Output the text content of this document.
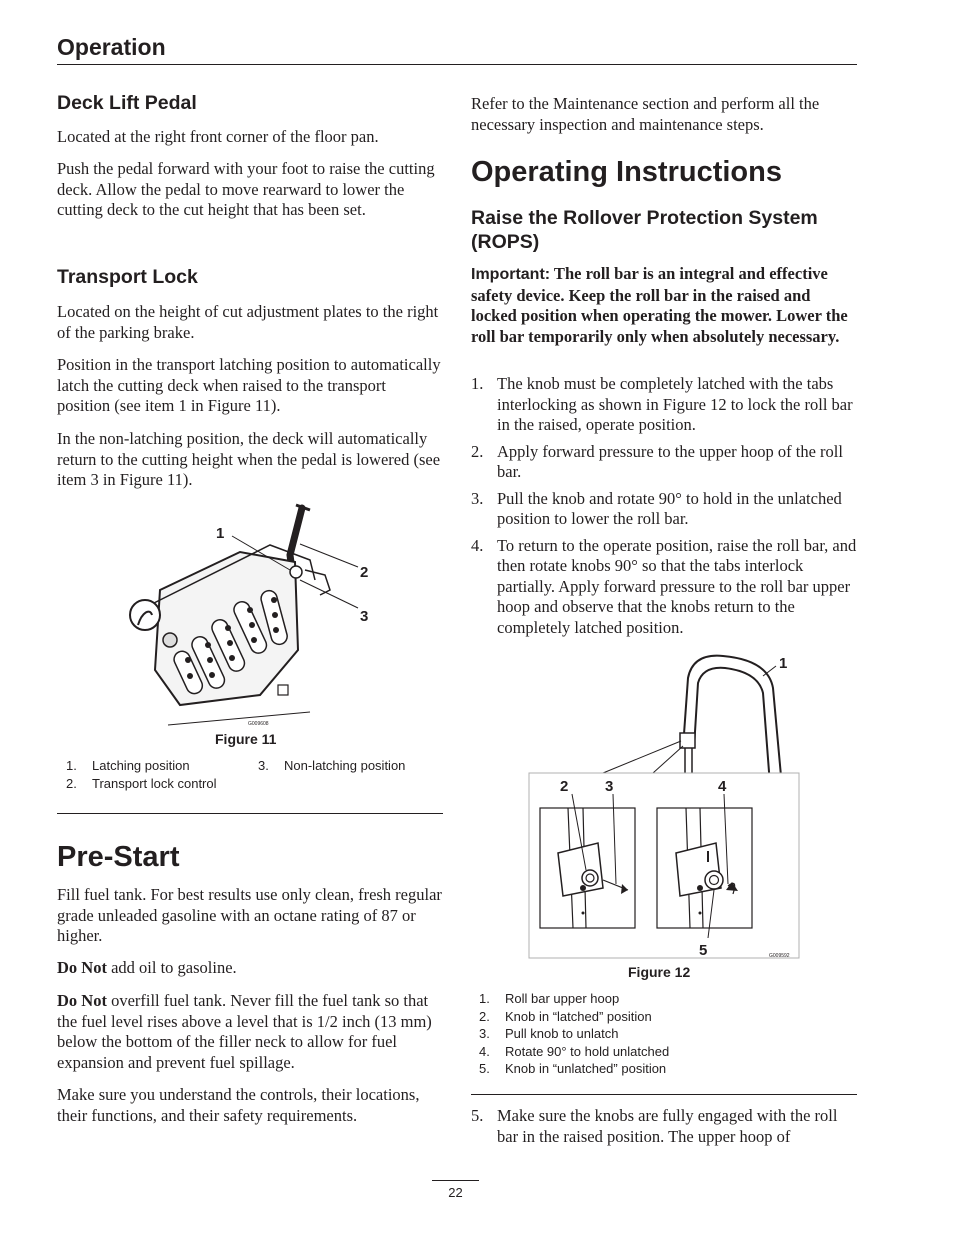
Operation
Deck Lift Pedal

Located at the right front corner of the floor pan.

Push the pedal forward with your foot to raise the cutting deck. Allow the pedal to move rearward to lower the cutting deck to the cut height that has been set.

Transport Lock

Located on the height of cut adjustment plates to the right of the parking brake.

Position in the transport latching position to automatically latch the cutting deck when raised to the transport position (see item 1 in Figure 11).

In the non-latching position, the deck will automatically return to the cutting height when the pedal is lowered (see item 3 in Figure 11).

1
2
3
G009608
Figure 11
1. Latching position
2. Transport lock control
3. Non-latching position
Pre-Start

Fill fuel tank. For best results use only clean, fresh regular grade unleaded gasoline with an octane rating of 87 or higher.

Do Not add oil to gasoline.

Do Not overfill fuel tank. Never fill the fuel tank so that the fuel level rises above a level that is 1/2 inch (13 mm) below the bottom of the filler neck to allow for fuel expansion and prevent fuel spillage.

Make sure you understand the controls, their locations, their functions, and their safety requirements.

Refer to the Maintenance section and perform all the necessary inspection and maintenance steps.

Operating Instructions
Raise the Rollover Protection System (ROPS)

Important: The roll bar is an integral and effective safety device. Keep the roll bar in the raised and locked position when operating the mower. Lower the roll bar temporarily only when absolutely necessary.

1. The knob must be completely latched with the tabs interlocking as shown in Figure 12 to lock the roll bar in the raised, operate position.
2. Apply forward pressure to the upper hoop of the roll bar.
3. Pull the knob and rotate 90° to hold in the unlatched position to lower the roll bar.
4. To return to the operate position, raise the roll bar, and then rotate knobs 90° so that the tabs interlock partially. Apply forward pressure to the roll bar upper hoop and observe that the knobs return to the completely latched position.
1
2 3	4
5	G009592
Figure 12
1. Roll bar upper hoop
2. Knob in “latched” position
3. Pull knob to unlatch
4. Rotate 90° to hold unlatched
5. Knob in “unlatched” position
5. Make sure the knobs are fully engaged with the roll bar in the raised position. The upper hoop of
22
